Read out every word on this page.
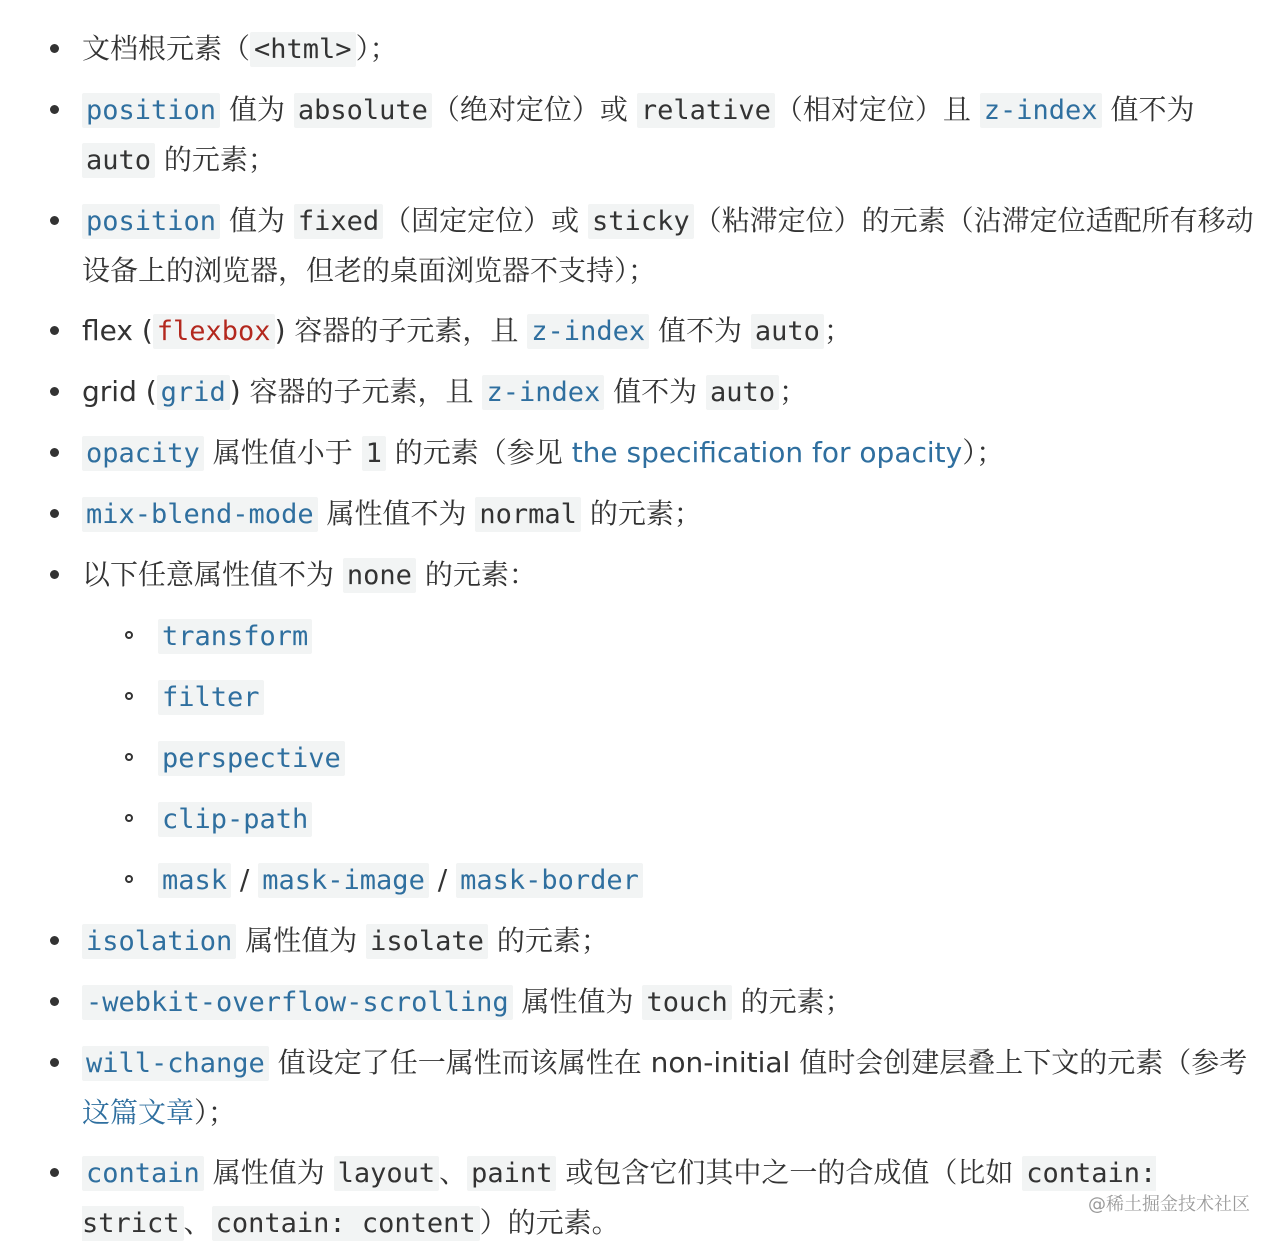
文档根元素（ <html> ）；
position 值为 absolute （绝对定位）或 relative （相对定位）且 z-index 值不为 auto 的元素；
position 值为 fixed （固定定位）或 sticky （粘滞定位）的元素（沾滞定位适配所有移动设备上的浏览器，但老的桌面浏览器不支持）；
flex ( flexbox ) 容器的子元素，且 z-index 值不为 auto ；
grid ( grid ) 容器的子元素，且 z-index 值不为 auto ；
opacity 属性值小于 1 的元素（参见 the specification for opacity）；
mix-blend-mode 属性值不为 normal 的元素；
以下任意属性值不为 none 的元素：
transform
filter
perspective
clip-path
mask / mask-image / mask-border
isolation 属性值为 isolate 的元素；
-webkit-overflow-scrolling 属性值为 touch 的元素；
will-change 值设定了任一属性而该属性在 non-initial 值时会创建层叠上下文的元素（参考这篇文章）；
contain 属性值为 layout 、 paint 或包含它们其中之一的合成值（比如 contain: strict 、 contain: content ）的元素。
@稀土掘金技术社区
